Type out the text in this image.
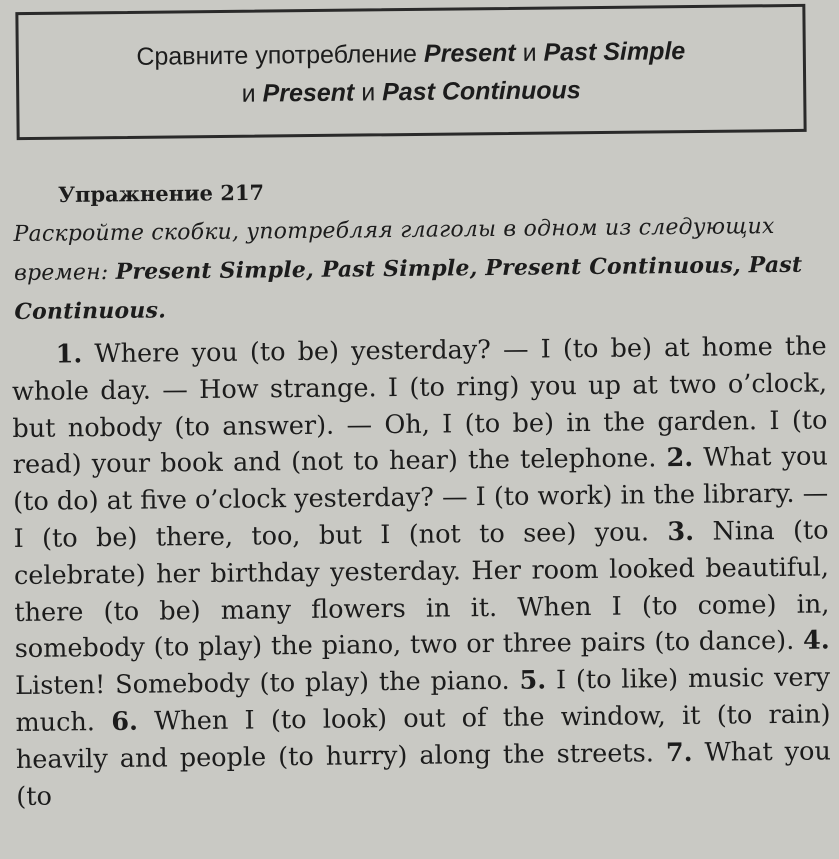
Сравните употребление Present и Past Simple
и Present и Past Continuous
Упражнение 217
Раскройте скобки, употребляя глаголы в одном из следующих времен: Present Simple, Past Simple, Present Continuous, Past Continuous.
1. Where you (to be) yesterday? — I (to be) at home the whole day. — How strange. I (to ring) you up at two o’clock, but nobody (to answer). — Oh, I (to be) in the garden. I (to read) your book and (not to hear) the telephone. 2. What you (to do) at five o’clock yesterday? — I (to work) in the library. — I (to be) there, too, but I (not to see) you. 3. Nina (to celebrate) her birthday yesterday. Her room looked beautiful, there (to be) many flowers in it. When I (to come) in, somebody (to play) the piano, two or three pairs (to dance). 4. Listen! Somebody (to play) the piano. 5. I (to like) music very much. 6. When I (to look) out of the window, it (to rain) heavily and people (to hurry) along the streets. 7. What you (to
